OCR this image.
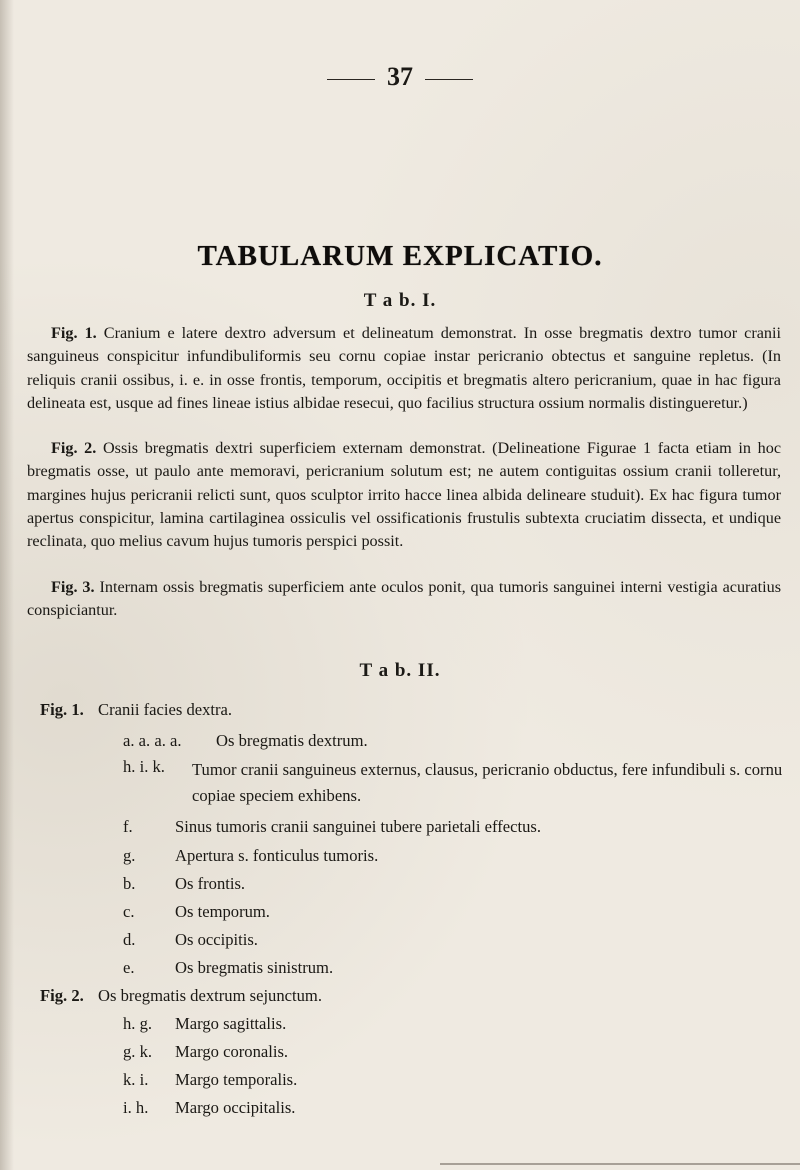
37
TABULARUM EXPLICATIO.
T a b. I.
Fig. 1. Cranium e latere dextro adversum et delineatum demonstrat. In osse bregmatis dextro tumor cranii sanguineus conspicitur infundibuliformis seu cornu copiae instar pericranio obtectus et sanguine repletus. (In reliquis cranii ossibus, i. e. in osse frontis, temporum, occipitis et bregmatis altero pericranium, quae in hac figura delineata est, usque ad fines lineae istius albidae resecui, quo facilius structura ossium normalis distingueretur.)
Fig. 2. Ossis bregmatis dextri superficiem externam demonstrat. (Delineatione Figurae 1 facta etiam in hoc bregmatis osse, ut paulo ante memoravi, pericranium solutum est; ne autem contiguitas ossium cranii tolleretur, margines hujus pericranii relicti sunt, quos sculptor irrito hacce linea albida delineare studuit). Ex hac figura tumor apertus conspicitur, lamina cartilaginea ossiculis vel ossificationis frustulis subtexta cruciatim dissecta, et undique reclinata, quo melius cavum hujus tumoris perspici possit.
Fig. 3. Internam ossis bregmatis superficiem ante oculos ponit, qua tumoris sanguinei interni vestigia acuratius conspiciantur.
T a b. II.
Fig. 1. Cranii facies dextra.
a. a. a. a. Os bregmatis dextrum.
h. i. k. Tumor cranii sanguineus externus, clausus, pericranio obductus, fere infundibuli s. cornu copiae speciem exhibens.
f.	Sinus tumoris cranii sanguinei tubere parietali effectus.
g. Apertura s. fonticulus tumoris.
b. Os frontis.
c. Os temporum.
d. Os occipitis.
e. Os bregmatis sinistrum.
Fig. 2. Os bregmatis dextrum sejunctum.
h. g. Margo sagittalis.
g. k. Margo coronalis.
k. i. Margo temporalis.
i. h. Margo occipitalis.
